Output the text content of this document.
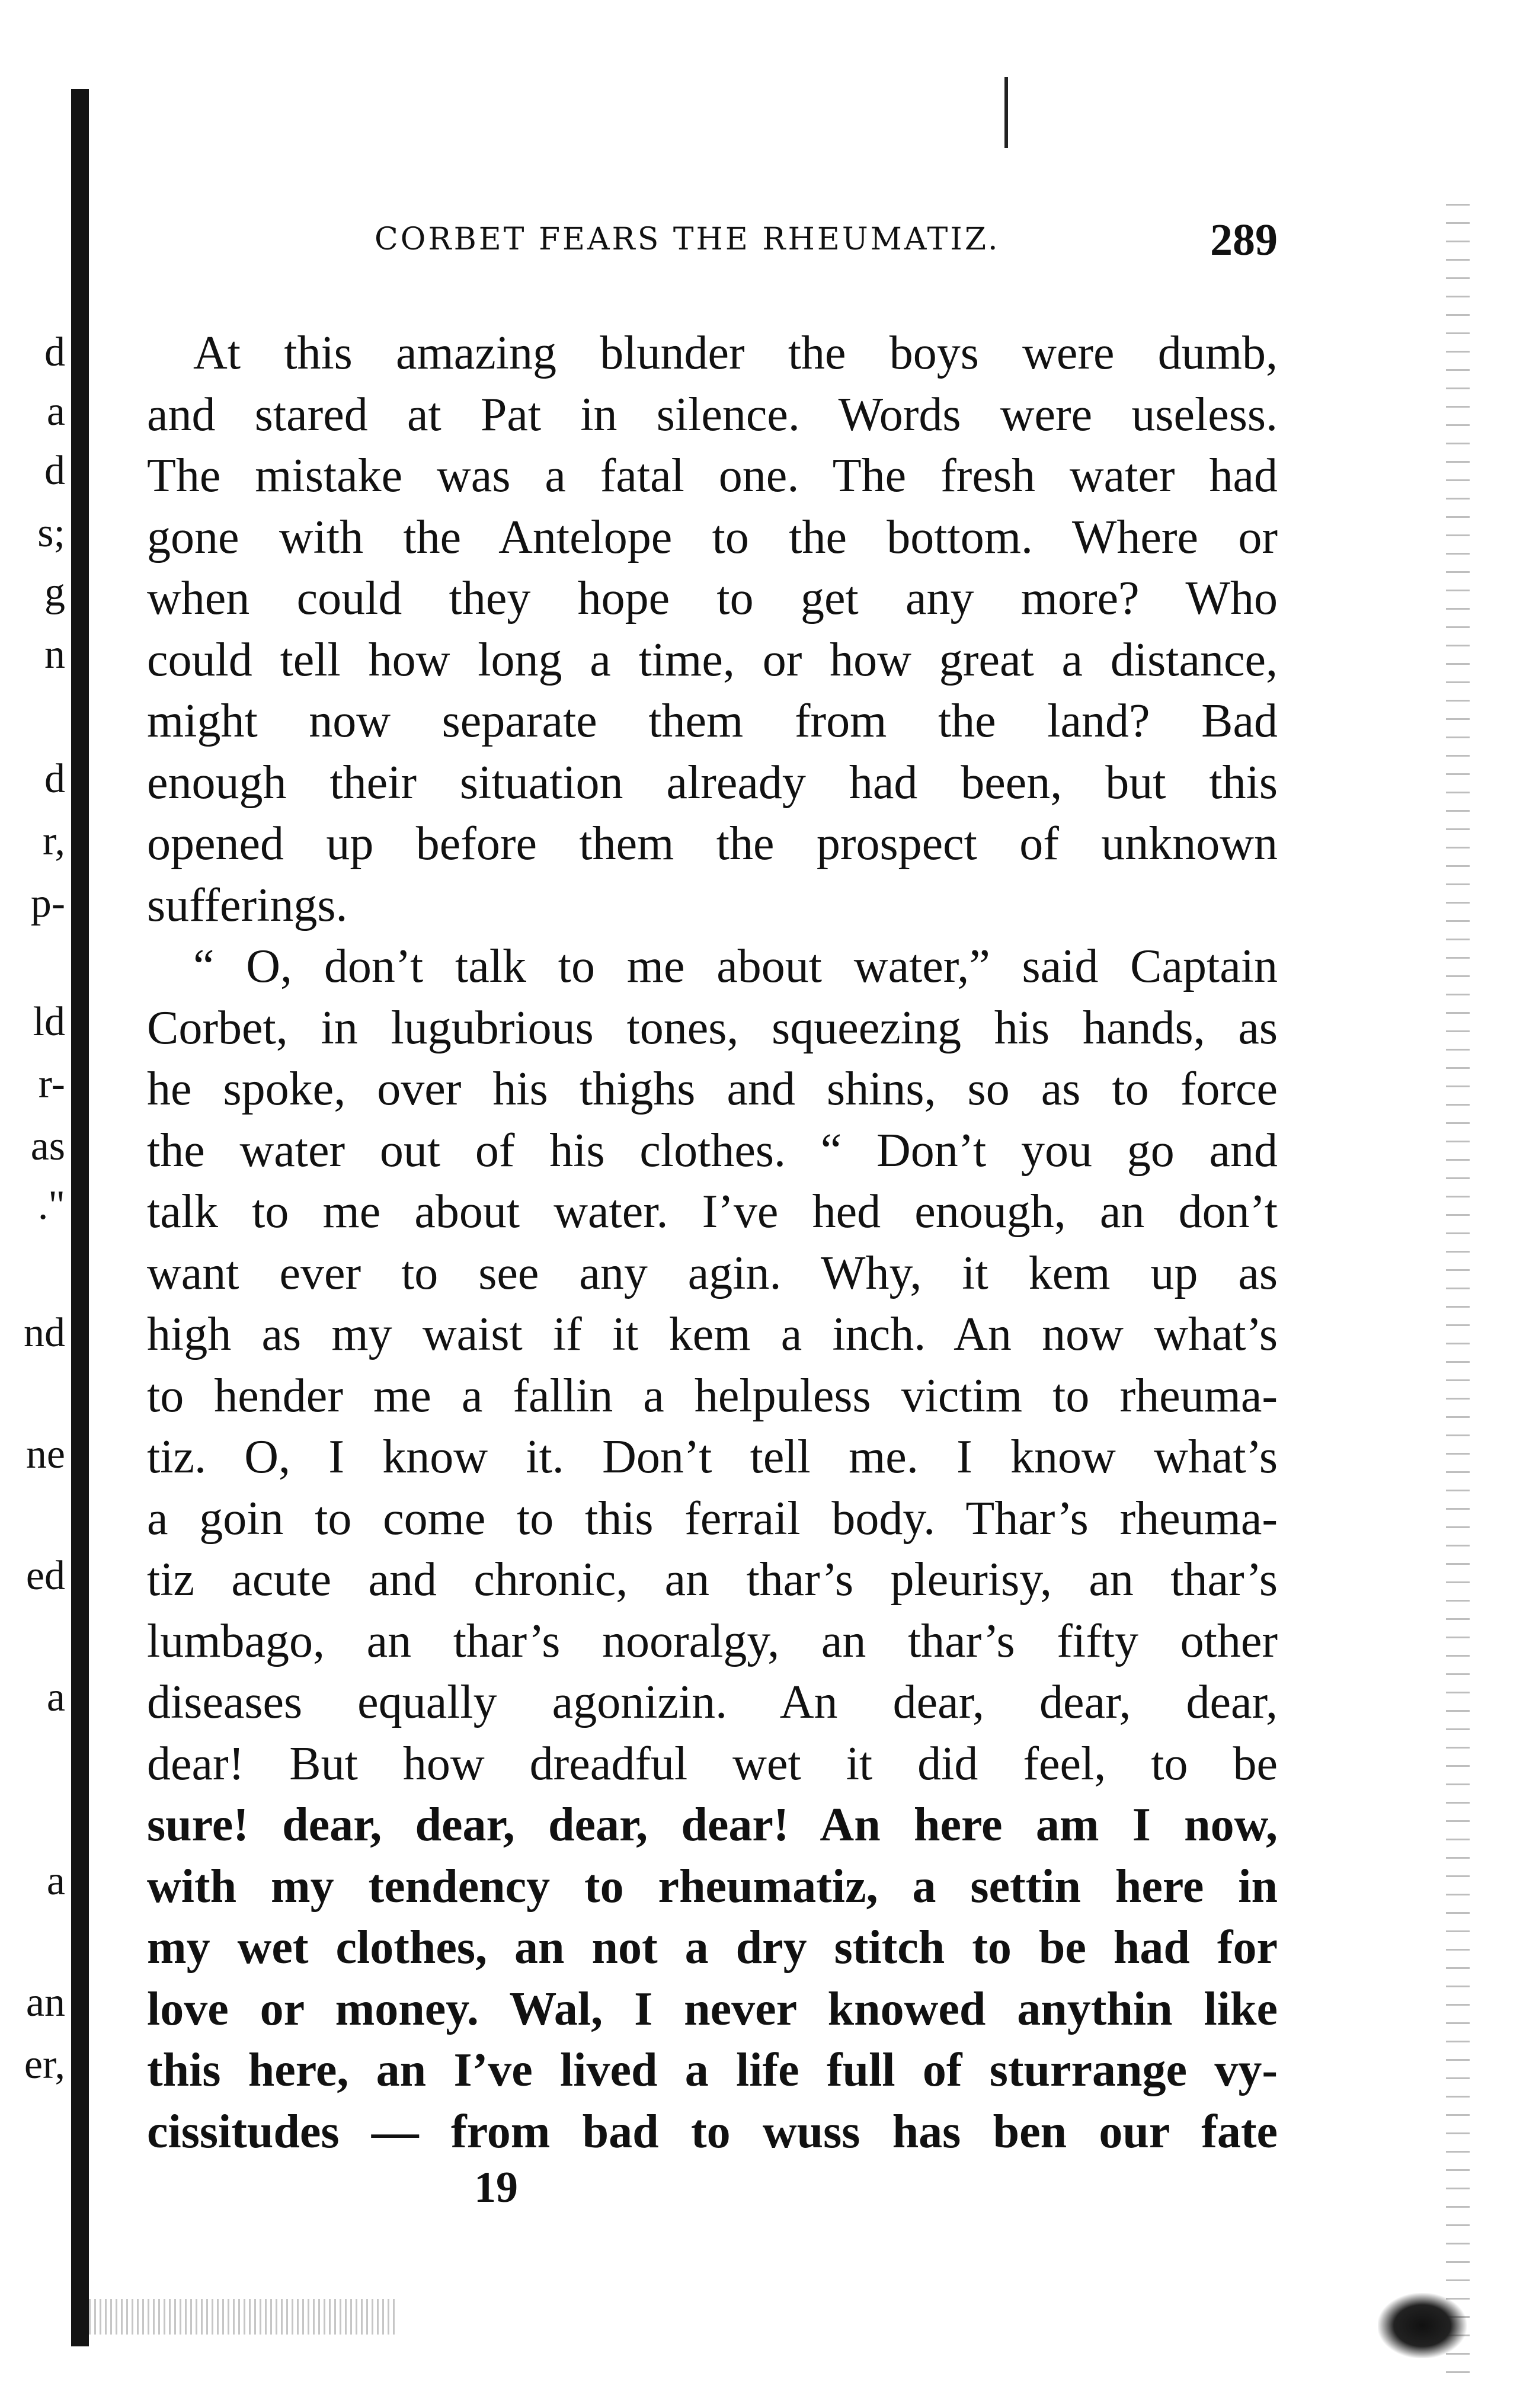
d
a
d
s;
g
n
d
r,
p-
ld
r-
as
."
nd
ne
ed
a
a
an
er,
CORBET FEARS THE RHEUMATIZ.	289
At this amazing blunder the boys were dumb,
and stared at Pat in silence. Words were useless.
The mistake was a fatal one. The fresh water had
gone with the Antelope to the bottom. Where or
when could they hope to get any more? Who
could tell how long a time, or how great a distance,
might now separate them from the land? Bad
enough their situation already had been, but this
opened up before them the prospect of unknown
sufferings.
“ O, don’t talk to me about water,” said Captain
Corbet, in lugubrious tones, squeezing his hands, as
he spoke, over his thighs and shins, so as to force
the water out of his clothes. “ Don’t you go and
talk to me about water. I’ve hed enough, an don’t
want ever to see any agin. Why, it kem up as
high as my waist if it kem a inch. An now what’s
to hender me a fallin a helpuless victim to rheuma-
tiz. O, I know it. Don’t tell me. I know what’s
a goin to come to this ferrail body. Thar’s rheuma-
tiz acute and chronic, an thar’s pleurisy, an thar’s
lumbago, an thar’s nooralgy, an thar’s fifty other
diseases equally agonizin. An dear, dear, dear,
dear! But how dreadful wet it did feel, to be
sure! dear, dear, dear, dear! An here am I now,
with my tendency to rheumatiz, a settin here in
my wet clothes, an not a dry stitch to be had for
love or money. Wal, I never knowed anythin like
this here, an I’ve lived a life full of sturrange vy-
cissitudes — from bad to wuss has ben our fate
19
